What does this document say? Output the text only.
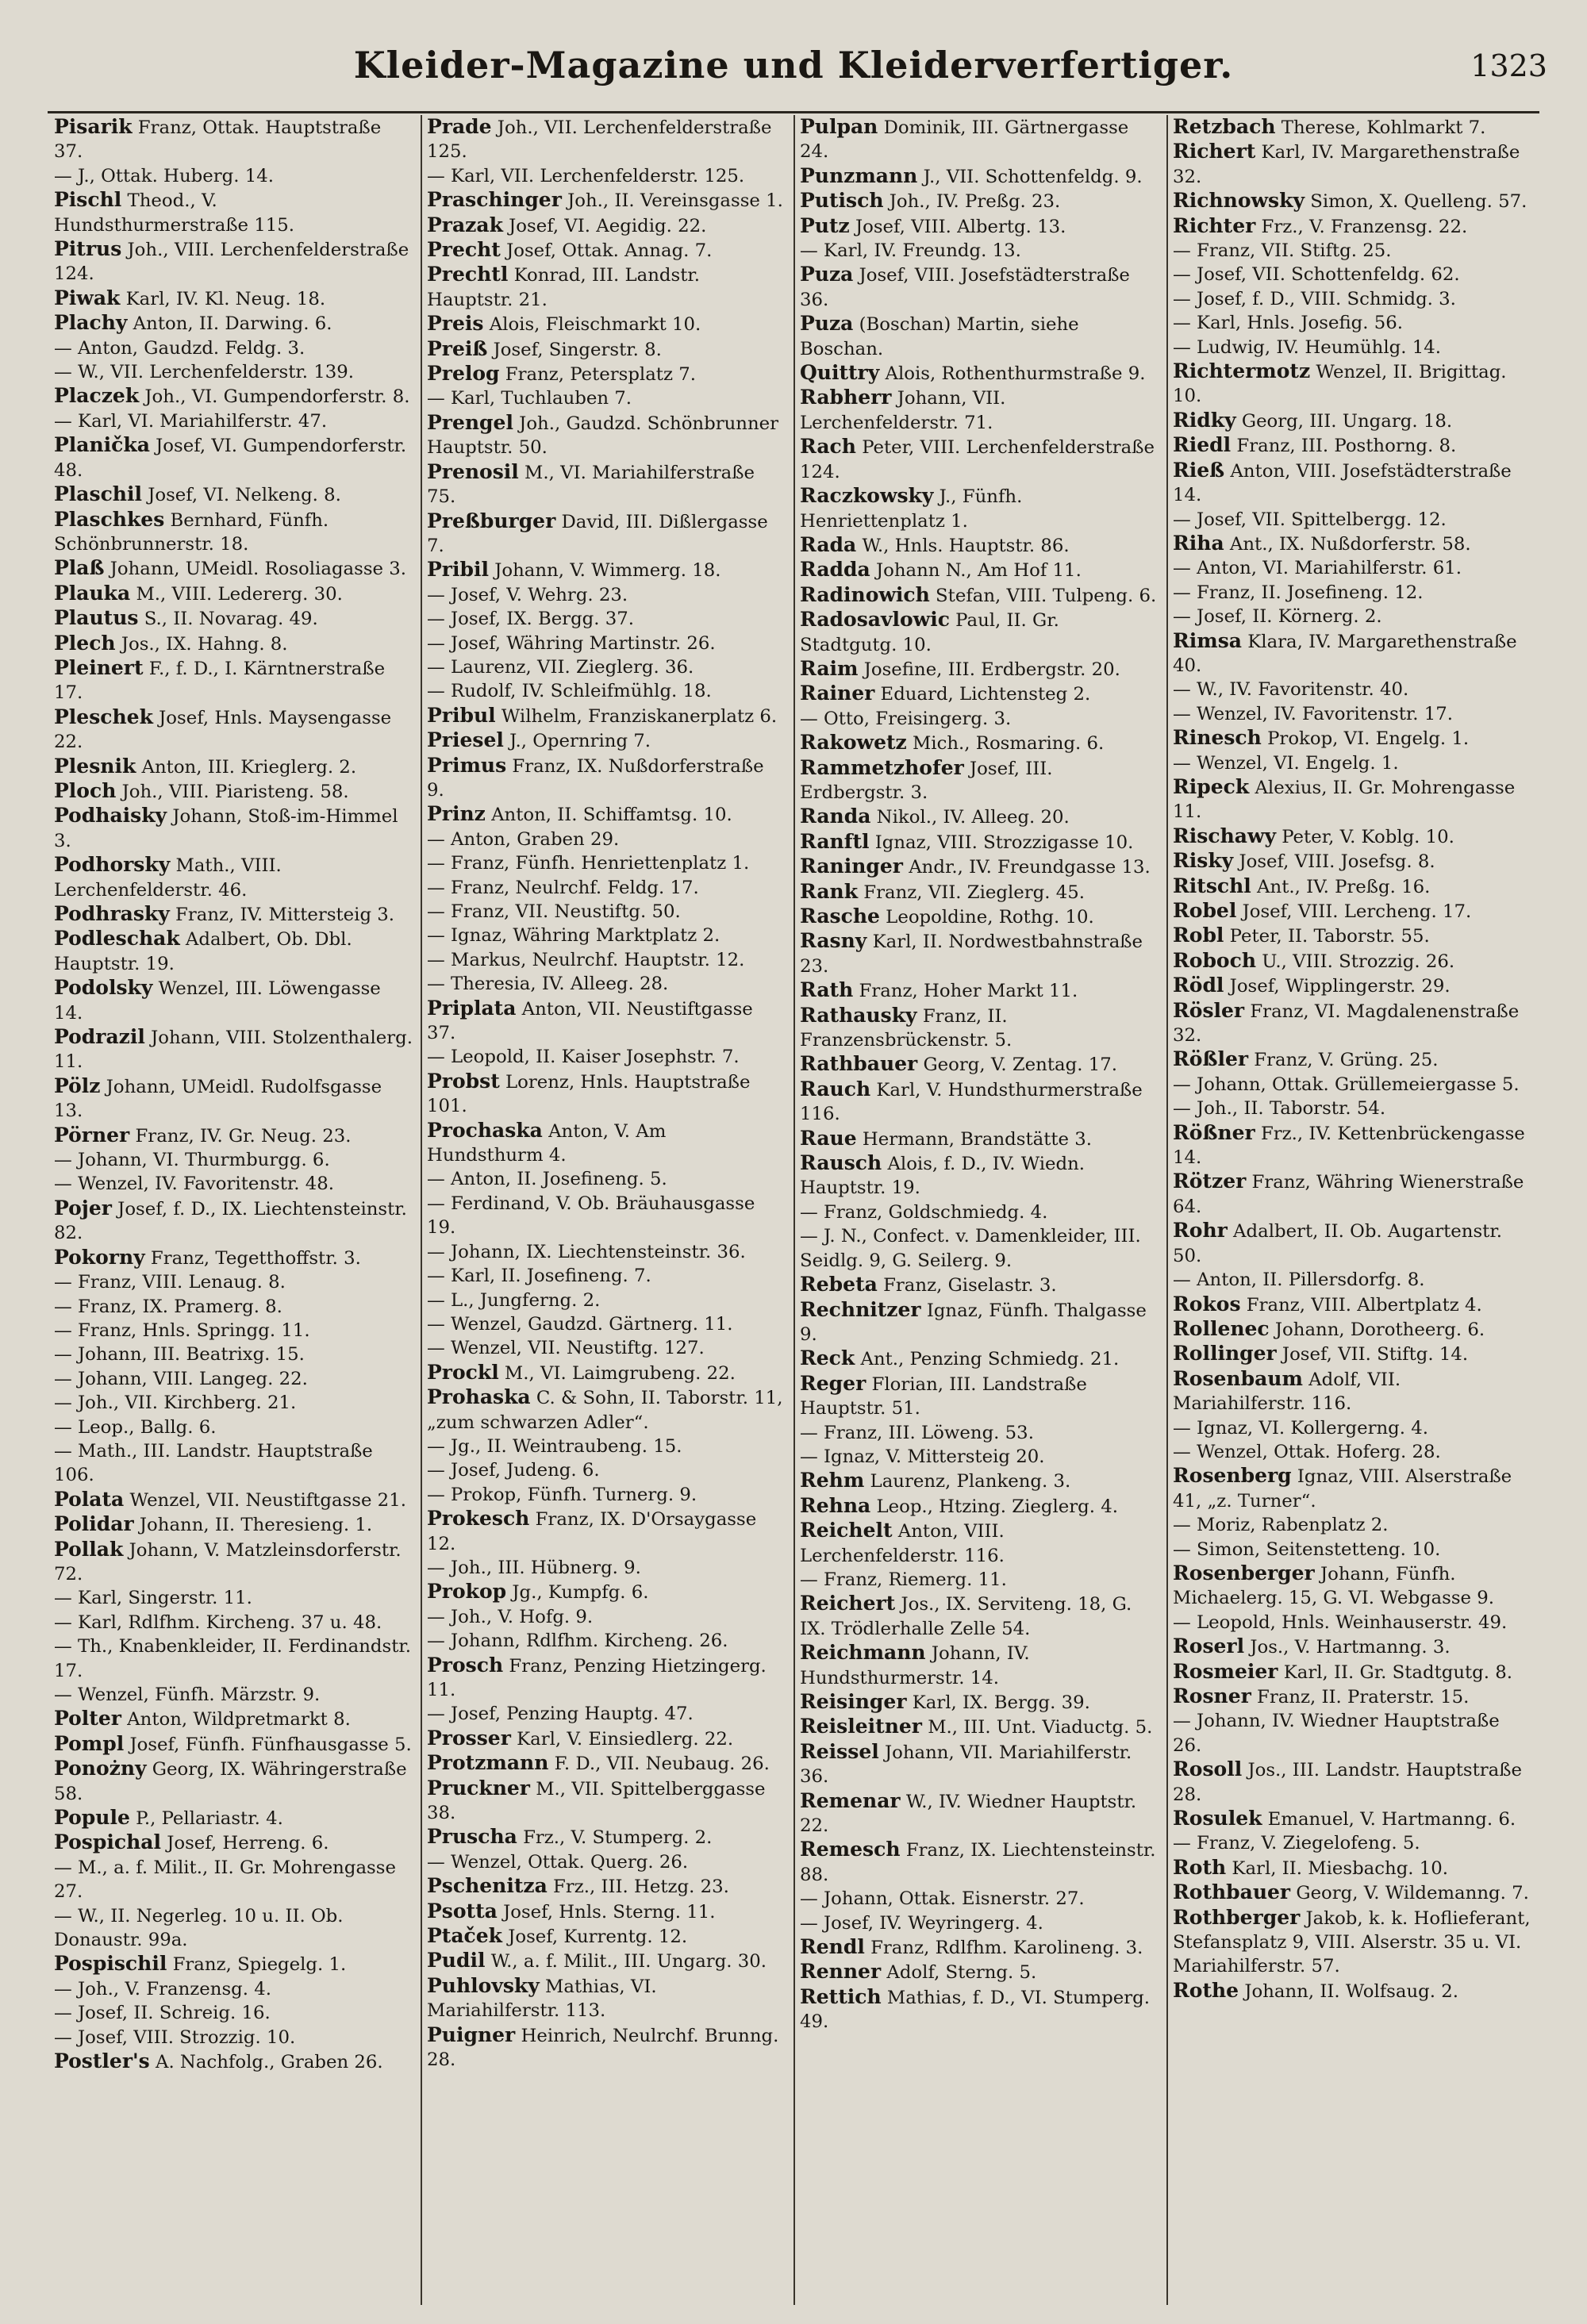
Kleider-Magazine und Kleiderverfertiger.	1323

Pisarik Franz, Ottak. Hauptstraße 37.

— J., Ottak. Huberg. 14.

Pischl Theod., V. Hundsthurmerstraße 115.

Pitrus Joh., VIII. Lerchenfelderstraße 124.

Piwak Karl, IV. Kl. Neug. 18.

Plachy Anton, II. Darwing. 6.

— Anton, Gaudzd. Feldg. 3.

— W., VII. Lerchenfelderstr. 139.

Placzek Joh., VI. Gumpendorferstr. 8.

— Karl, VI. Mariahilferstr. 47.

Planička Josef, VI. Gumpendorferstr. 48.

Plaschil Josef, VI. Nelkeng. 8.

Plaschkes Bernhard, Fünfh. Schönbrunnerstr. 18.

Plaß Johann, UMeidl. Rosoliagasse 3.

Plauka M., VIII. Ledererg. 30.

Plautus S., II. Novarag. 49.

Plech Jos., IX. Hahng. 8.

Pleinert F., f. D., I. Kärntnerstraße 17.

Pleschek Josef, Hnls. Maysengasse 22.

Plesnik Anton, III. Krieglerg. 2.

Ploch Joh., VIII. Piaristeng. 58.

Podhaisky Johann, Stoß-im-Himmel 3.

Podhorsky Math., VIII. Lerchenfelderstr. 46.

Podhrasky Franz, IV. Mittersteig 3.

Podleschak Adalbert, Ob. Dbl. Hauptstr. 19.

Podolsky Wenzel, III. Löwengasse 14.

Podrazil Johann, VIII. Stolzenthalerg. 11.

Pölz Johann, UMeidl. Rudolfsgasse 13.

Pörner Franz, IV. Gr. Neug. 23.

— Johann, VI. Thurmburgg. 6.

— Wenzel, IV. Favoritenstr. 48.

Pojer Josef, f. D., IX. Liechtensteinstr. 82.

Pokorny Franz, Tegetthoffstr. 3.

— Franz, VIII. Lenaug. 8.

— Franz, IX. Pramerg. 8.

— Franz, Hnls. Springg. 11.

— Johann, III. Beatrixg. 15.

— Johann, VIII. Langeg. 22.

— Joh., VII. Kirchberg. 21.

— Leop., Ballg. 6.

— Math., III. Landstr. Hauptstraße 106.

Polata Wenzel, VII. Neustiftgasse 21.

Polidar Johann, II. Theresieng. 1.

Pollak Johann, V. Matzleinsdorferstr. 72.

— Karl, Singerstr. 11.

— Karl, Rdlfhm. Kircheng. 37 u. 48.

— Th., Knabenkleider, II. Ferdinandstr. 17.

— Wenzel, Fünfh. Märzstr. 9.

Polter Anton, Wildpretmarkt 8.

Pompl Josef, Fünfh. Fünfhausgasse 5.

Ponożny Georg, IX. Währingerstraße 58.

Popule P., Pellariastr. 4.

Pospichal Josef, Herreng. 6.

— M., a. f. Milit., II. Gr. Mohrengasse 27.

— W., II. Negerleg. 10 u. II. Ob. Donaustr. 99a.

Pospischil Franz, Spiegelg. 1.

— Joh., V. Franzensg. 4.

— Josef, II. Schreig. 16.

— Josef, VIII. Strozzig. 10.

Postler's A. Nachfolg., Graben 26.

Prade Joh., VII. Lerchenfelderstraße 125.

— Karl, VII. Lerchenfelderstr. 125.

Praschinger Joh., II. Vereinsgasse 1.

Prazak Josef, VI. Aegidig. 22.

Precht Josef, Ottak. Annag. 7.

Prechtl Konrad, III. Landstr. Hauptstr. 21.

Preis Alois, Fleischmarkt 10.

Preiß Josef, Singerstr. 8.

Prelog Franz, Petersplatz 7.

— Karl, Tuchlauben 7.

Prengel Joh., Gaudzd. Schönbrunner Hauptstr. 50.

Prenosil M., VI. Mariahilferstraße 75.

Preßburger David, III. Dißlergasse 7.

Pribil Johann, V. Wimmerg. 18.

— Josef, V. Wehrg. 23.

— Josef, IX. Bergg. 37.

— Josef, Währing Martinstr. 26.

— Laurenz, VII. Zieglerg. 36.

— Rudolf, IV. Schleifmühlg. 18.

Pribul Wilhelm, Franziskanerplatz 6.

Priesel J., Opernring 7.

Primus Franz, IX. Nußdorferstraße 9.

Prinz Anton, II. Schiffamtsg. 10.

— Anton, Graben 29.

— Franz, Fünfh. Henriettenplatz 1.

— Franz, Neulrchf. Feldg. 17.

— Franz, VII. Neustiftg. 50.

— Ignaz, Währing Marktplatz 2.

— Markus, Neulrchf. Hauptstr. 12.

— Theresia, IV. Alleeg. 28.

Priplata Anton, VII. Neustiftgasse 37.

— Leopold, II. Kaiser Josephstr. 7.

Probst Lorenz, Hnls. Hauptstraße 101.

Prochaska Anton, V. Am Hundsthurm 4.

— Anton, II. Josefineng. 5.

— Ferdinand, V. Ob. Bräuhausgasse 19.

— Johann, IX. Liechtensteinstr. 36.

— Karl, II. Josefineng. 7.

— L., Jungferng. 2.

— Wenzel, Gaudzd. Gärtnerg. 11.

— Wenzel, VII. Neustiftg. 127.

Prockl M., VI. Laimgrubeng. 22.

Prohaska C. & Sohn, II. Taborstr. 11, „zum schwarzen Adler“.

— Jg., II. Weintraubeng. 15.

— Josef, Judeng. 6.

— Prokop, Fünfh. Turnerg. 9.

Prokesch Franz, IX. D'Orsaygasse 12.

— Joh., III. Hübnerg. 9.

Prokop Jg., Kumpfg. 6.

— Joh., V. Hofg. 9.

— Johann, Rdlfhm. Kircheng. 26.

Prosch Franz, Penzing Hietzingerg. 11.

— Josef, Penzing Hauptg. 47.

Prosser Karl, V. Einsiedlerg. 22.

Protzmann F. D., VII. Neubaug. 26.

Pruckner M., VII. Spittelberggasse 38.

Pruscha Frz., V. Stumperg. 2.

— Wenzel, Ottak. Querg. 26.

Pschenitza Frz., III. Hetzg. 23.

Psotta Josef, Hnls. Sterng. 11.

Ptaček Josef, Kurrentg. 12.

Pudil W., a. f. Milit., III. Ungarg. 30.

Puhlovsky Mathias, VI. Mariahilferstr. 113.

Puigner Heinrich, Neulrchf. Brunng. 28.

Pulpan Dominik, III. Gärtnergasse 24.

Punzmann J., VII. Schottenfeldg. 9.

Putisch Joh., IV. Preßg. 23.

Putz Josef, VIII. Albertg. 13.

— Karl, IV. Freundg. 13.

Puza Josef, VIII. Josefstädterstraße 36.

Puza (Boschan) Martin, siehe Boschan.

Quittry Alois, Rothenthurmstraße 9.

Rabherr Johann, VII. Lerchenfelderstr. 71.

Rach Peter, VIII. Lerchenfelderstraße 124.

Raczkowsky J., Fünfh. Henriettenplatz 1.

Rada W., Hnls. Hauptstr. 86.

Radda Johann N., Am Hof 11.

Radinowich Stefan, VIII. Tulpeng. 6.

Radosavlowic Paul, II. Gr. Stadtgutg. 10.

Raim Josefine, III. Erdbergstr. 20.

Rainer Eduard, Lichtensteg 2.

— Otto, Freisingerg. 3.

Rakowetz Mich., Rosmaring. 6.

Rammetzhofer Josef, III. Erdbergstr. 3.

Randa Nikol., IV. Alleeg. 20.

Ranftl Ignaz, VIII. Strozzigasse 10.

Raninger Andr., IV. Freundgasse 13.

Rank Franz, VII. Zieglerg. 45.

Rasche Leopoldine, Rothg. 10.

Rasny Karl, II. Nordwestbahnstraße 23.

Rath Franz, Hoher Markt 11.

Rathausky Franz, II. Franzensbrückenstr. 5.

Rathbauer Georg, V. Zentag. 17.

Rauch Karl, V. Hundsthurmerstraße 116.

Raue Hermann, Brandstätte 3.

Rausch Alois, f. D., IV. Wiedn. Hauptstr. 19.

— Franz, Goldschmiedg. 4.

— J. N., Confect. v. Damenkleider, III. Seidlg. 9, G. Seilerg. 9.

Rebeta Franz, Giselastr. 3.

Rechnitzer Ignaz, Fünfh. Thalgasse 9.

Reck Ant., Penzing Schmiedg. 21.

Reger Florian, III. Landstraße Hauptstr. 51.

— Franz, III. Löweng. 53.

— Ignaz, V. Mittersteig 20.

Rehm Laurenz, Plankeng. 3.

Rehna Leop., Htzing. Zieglerg. 4.

Reichelt Anton, VIII. Lerchenfelderstr. 116.

— Franz, Riemerg. 11.

Reichert Jos., IX. Serviteng. 18, G. IX. Trödlerhalle Zelle 54.

Reichmann Johann, IV. Hundsthurmerstr. 14.

Reisinger Karl, IX. Bergg. 39.

Reisleitner M., III. Unt. Viaductg. 5.

Reissel Johann, VII. Mariahilferstr. 36.

Remenar W., IV. Wiedner Hauptstr. 22.

Remesch Franz, IX. Liechtensteinstr. 88.

— Johann, Ottak. Eisnerstr. 27.

— Josef, IV. Weyringerg. 4.

Rendl Franz, Rdlfhm. Karolineng. 3.

Renner Adolf, Sterng. 5.

Rettich Mathias, f. D., VI. Stumperg. 49.

Retzbach Therese, Kohlmarkt 7.

Richert Karl, IV. Margarethenstraße 32.

Richnowsky Simon, X. Quelleng. 57.

Richter Frz., V. Franzensg. 22.

— Franz, VII. Stiftg. 25.

— Josef, VII. Schottenfeldg. 62.

— Josef, f. D., VIII. Schmidg. 3.

— Karl, Hnls. Josefig. 56.

— Ludwig, IV. Heumühlg. 14.

Richtermotz Wenzel, II. Brigittag. 10.

Ridky Georg, III. Ungarg. 18.

Riedl Franz, III. Posthorng. 8.

Rieß Anton, VIII. Josefstädterstraße 14.

— Josef, VII. Spittelbergg. 12.

Riha Ant., IX. Nußdorferstr. 58.

— Anton, VI. Mariahilferstr. 61.

— Franz, II. Josefineng. 12.

— Josef, II. Körnerg. 2.

Rimsa Klara, IV. Margarethenstraße 40.

— W., IV. Favoritenstr. 40.

— Wenzel, IV. Favoritenstr. 17.

Rinesch Prokop, VI. Engelg. 1.

— Wenzel, VI. Engelg. 1.

Ripeck Alexius, II. Gr. Mohrengasse 11.

Rischawy Peter, V. Koblg. 10.

Risky Josef, VIII. Josefsg. 8.

Ritschl Ant., IV. Preßg. 16.

Robel Josef, VIII. Lercheng. 17.

Robl Peter, II. Taborstr. 55.

Roboch U., VIII. Strozzig. 26.

Rödl Josef, Wipplingerstr. 29.

Rösler Franz, VI. Magdalenenstraße 32.

Rößler Franz, V. Grüng. 25.

— Johann, Ottak. Grüllemeiergasse 5.

— Joh., II. Taborstr. 54.

Rößner Frz., IV. Kettenbrückengasse 14.

Rötzer Franz, Währing Wienerstraße 64.

Rohr Adalbert, II. Ob. Augartenstr. 50.

— Anton, II. Pillersdorfg. 8.

Rokos Franz, VIII. Albertplatz 4.

Rollenec Johann, Dorotheerg. 6.

Rollinger Josef, VII. Stiftg. 14.

Rosenbaum Adolf, VII. Mariahilferstr. 116.

— Ignaz, VI. Kollergerng. 4.

— Wenzel, Ottak. Hoferg. 28.

Rosenberg Ignaz, VIII. Alserstraße 41, „z. Turner“.

— Moriz, Rabenplatz 2.

— Simon, Seitenstetteng. 10.

Rosenberger Johann, Fünfh. Michaelerg. 15, G. VI. Webgasse 9.

— Leopold, Hnls. Weinhauserstr. 49.

Roserl Jos., V. Hartmanng. 3.

Rosmeier Karl, II. Gr. Stadtgutg. 8.

Rosner Franz, II. Praterstr. 15.

— Johann, IV. Wiedner Hauptstraße 26.

Rosoll Jos., III. Landstr. Hauptstraße 28.

Rosulek Emanuel, V. Hartmanng. 6.

— Franz, V. Ziegelofeng. 5.

Roth Karl, II. Miesbachg. 10.

Rothbauer Georg, V. Wildemanng. 7.

Rothberger Jakob, k. k. Hoflieferant, Stefansplatz 9, VIII. Alserstr. 35 u. VI. Mariahilferstr. 57.

Rothe Johann, II. Wolfsaug. 2.
